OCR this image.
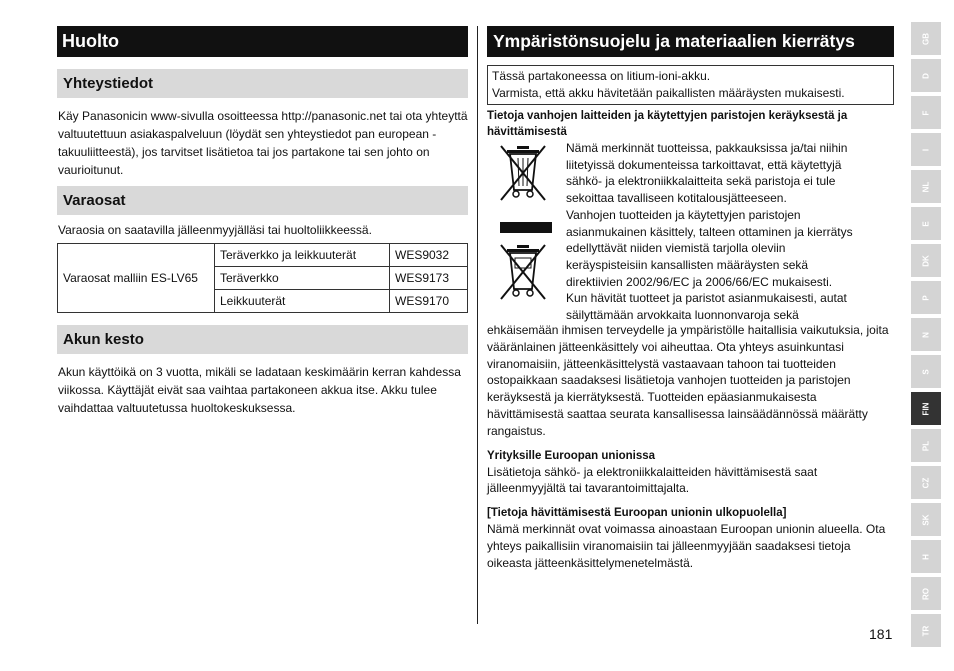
Huolto
Yhteystiedot

Käy Panasonicin www-sivulla osoitteessa http://panasonic.net tai ota yhteyttä valtuutettuun asiakaspalveluun (löydät sen yhteystiedot pan european -takuuliitteestä), jos tarvitset lisätietoa tai jos partakone tai sen johto on vaurioitunut.

Varaosat

Varaosia on saatavilla jälleenmyyjälläsi tai huoltoliikkeessä.

Varaosat malliin ES-LV65	Teräverkko ja leikkuuterät	WES9032
	Teräverkko	WES9173
	Leikkuuterät	WES9170
Akun kesto

Akun käyttöikä on 3 vuotta, mikäli se ladataan keskimäärin kerran kahdessa viikossa. Käyttäjät eivät saa vaihtaa partakoneen akkua itse. Akku tulee vaihdattaa valtuutetussa huoltokeskuksessa.

Ympäristönsuojelu ja materiaalien kierrätys
Tässä partakoneessa on litium-ioni-akku.
Varmista, että akku hävitetään paikallisten määräysten mukaisesti.
Tietoja vanhojen laitteiden ja käytettyjen paristojen keräyksestä ja hävittämisestä
Nämä merkinnät tuotteissa, pakkauksissa ja/tai niihin
liitetyissä dokumenteissa tarkoittavat, että käytettyjä
sähkö- ja elektroniikkalaitteita sekä paristoja ei tule
sekoittaa tavalliseen kotitalousjätteeseen.
Vanhojen tuotteiden ja käytettyjen paristojen
asianmukainen käsittely, talteen ottaminen ja kierrätys
edellyttävät niiden viemistä tarjolla oleviin
keräyspisteisiin kansallisten määräysten sekä
direktiivien 2002/96/EC ja 2006/66/EC mukaisesti.
Kun hävität tuotteet ja paristot asianmukaisesti, autat
säilyttämään arvokkaita luonnonvaroja sekä

ehkäisemään ihmisen terveydelle ja ympäristölle haitallisia vaikutuksia, joita vääränlainen jätteenkäsittely voi aiheuttaa. Ota yhteys asuinkuntasi viranomaisiin, jätteenkäsittelystä vastaavaan tahoon tai tuotteiden ostopaikkaan saadaksesi lisätietoja vanhojen tuotteiden ja paristojen keräyksestä ja kierrätyksestä. Tuotteiden epäasianmukaisesta hävittämisestä saattaa seurata kansallisessa lainsäädännössä määrätty rangaistus.

Yrityksille Euroopan unionissa

Lisätietoja sähkö- ja elektroniikkalaitteiden hävittämisestä saat jälleenmyyjältä tai tavarantoimittajalta.

[Tietoja hävittämisestä Euroopan unionin ulkopuolella]

Nämä merkinnät ovat voimassa ainoastaan Euroopan unionin alueella. Ota yhteys paikallisiin viranomaisiin tai jälleenmyyjään saadaksesi tietoja oikeasta jätteenkäsittelymenetelmästä.

181
GB
D
F
I
NL
E
DK
P
N
S
FIN
PL
CZ
SK
H
RO
TR
